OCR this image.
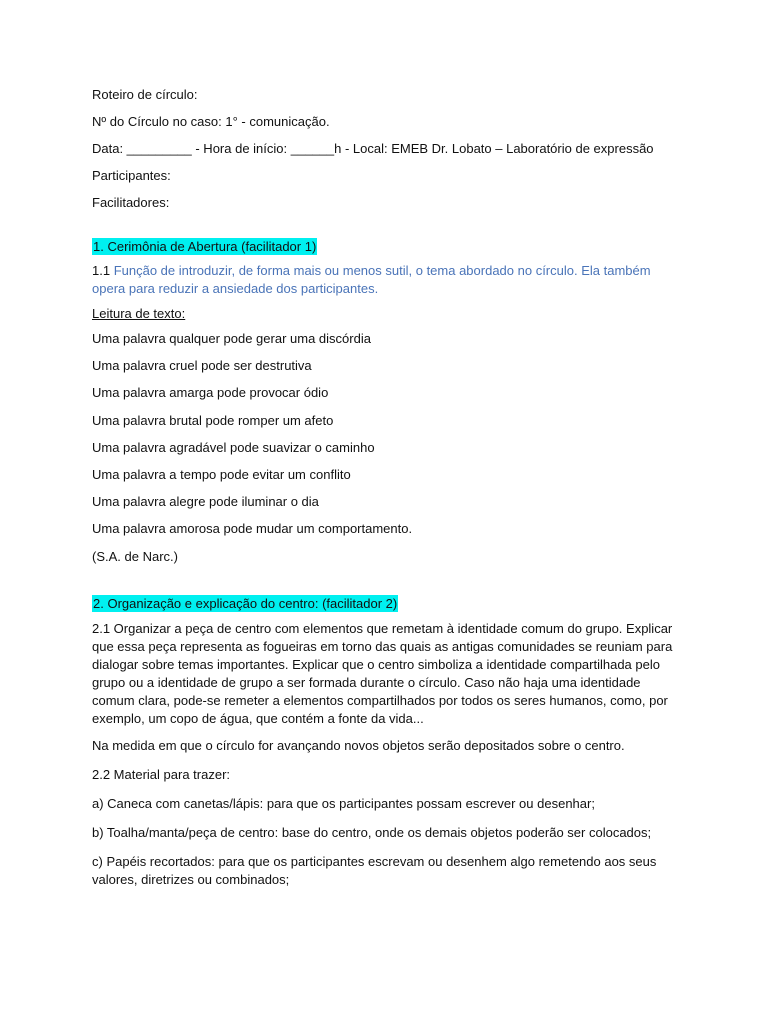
Roteiro de círculo:

Nº do Círculo no caso: 1° - comunicação.

Data: _________ - Hora de início: ______h - Local: EMEB Dr. Lobato – Laboratório de expressão

Participantes:

Facilitadores:

1. Cerimônia de Abertura (facilitador 1)

1.1 Função de introduzir, de forma mais ou menos sutil, o tema abordado no círculo. Ela também

opera para reduzir a ansiedade dos participantes.

Leitura de texto:

Uma palavra qualquer pode gerar uma discórdia

Uma palavra cruel pode ser destrutiva

Uma palavra amarga pode provocar ódio

Uma palavra brutal pode romper um afeto

Uma palavra agradável pode suavizar o caminho

Uma palavra a tempo pode evitar um conflito

Uma palavra alegre pode iluminar o dia

Uma palavra amorosa pode mudar um comportamento.

(S.A. de Narc.)

2. Organização e explicação do centro: (facilitador 2)

2.1 Organizar a peça de centro com elementos que remetam à identidade comum do grupo. Explicar

que essa peça representa as fogueiras em torno das quais as antigas comunidades se reuniam para

dialogar sobre temas importantes. Explicar que o centro simboliza a identidade compartilhada pelo

grupo ou a identidade de grupo a ser formada durante o círculo. Caso não haja uma identidade

comum clara, pode-se remeter a elementos compartilhados por todos os seres humanos, como, por

exemplo, um copo de água, que contém a fonte da vida...

Na medida em que o círculo for avançando novos objetos serão depositados sobre o centro.

2.2 Material para trazer:

a) Caneca com canetas/lápis: para que os participantes possam escrever ou desenhar;

b) Toalha/manta/peça de centro: base do centro, onde os demais objetos poderão ser colocados;

c) Papéis recortados: para que os participantes escrevam ou desenhem algo remetendo aos seus

valores, diretrizes ou combinados;
